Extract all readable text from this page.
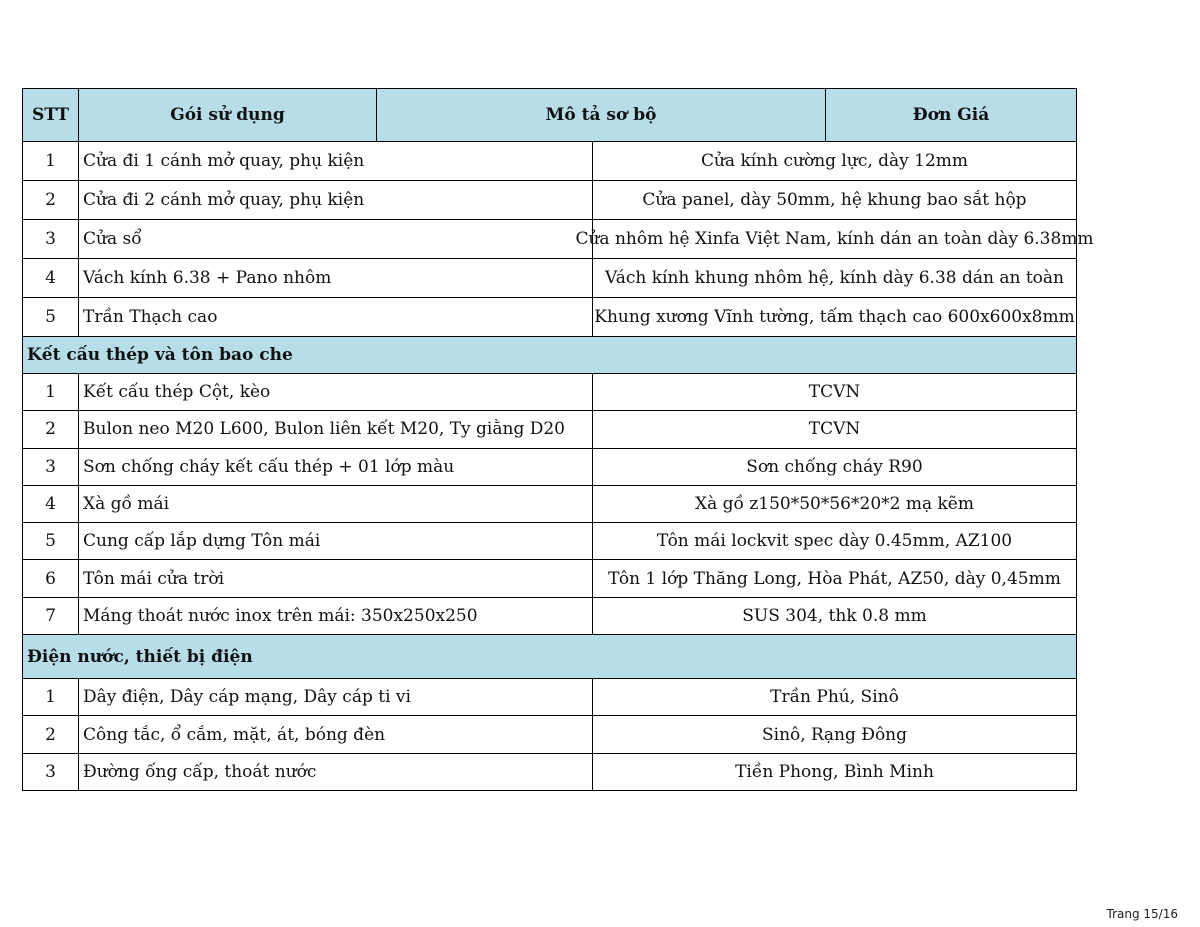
STT	Gói sử dụng	Mô tả sơ bộ	Đơn Giá
1	Cửa đi 1 cánh mở quay, phụ kiện	Cửa kính cường lực, dày 12mm
2	Cửa đi 2 cánh mở quay, phụ kiện	Cửa panel, dày 50mm, hệ khung bao sắt hộp
3	Cửa sổ	Cửa nhôm hệ Xinfa Việt Nam, kính dán an toàn dày 6.38mm
4	Vách kính 6.38 + Pano nhôm	Vách kính khung nhôm hệ, kính dày 6.38 dán an toàn
5	Trần Thạch cao	Khung xương Vĩnh tường, tấm thạch cao 600x600x8mm
Kết cấu thép và tôn bao che
1	Kết cấu thép Cột, kèo	TCVN
2	Bulon neo M20 L600, Bulon liên kết M20, Ty giằng D20	TCVN
3	Sơn chống cháy kết cấu thép + 01 lớp màu	Sơn chống cháy R90
4	Xà gồ mái	Xà gồ z150*50*56*20*2 mạ kẽm
5	Cung cấp lắp dựng Tôn mái	Tôn mái lockvit spec dày 0.45mm, AZ100
6	Tôn mái cửa trời	Tôn 1 lớp Thăng Long, Hòa Phát, AZ50, dày 0,45mm
7	Máng thoát nước inox trên mái: 350x250x250	SUS 304, thk 0.8 mm
Điện nước, thiết bị điện
1	Dây điện, Dây cáp mạng, Dây cáp ti vi	Trần Phú, Sinô
2	Công tắc, ổ cắm, mặt, át, bóng đèn	Sinô, Rạng Đông
3	Đường ống cấp, thoát nước	Tiền Phong, Bình Minh
Trang 15/16
